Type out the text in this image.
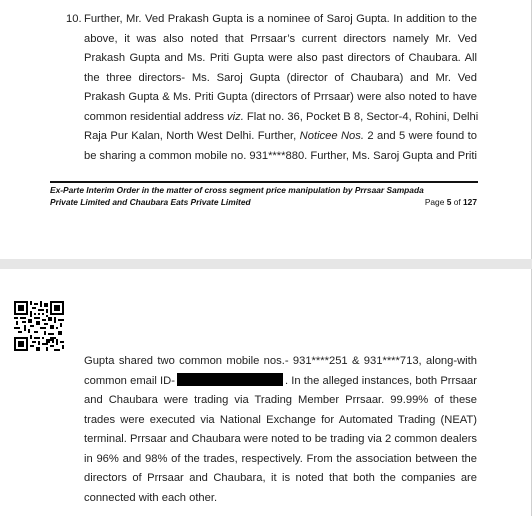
10. Further, Mr. Ved Prakash Gupta is a nominee of Saroj Gupta. In addition to the
above, it was also noted that Prrsaar’s current directors namely Mr. Ved
Prakash Gupta and Ms. Priti Gupta were also past directors of Chaubara. All
the three directors- Ms. Saroj Gupta (director of Chaubara) and Mr. Ved
Prakash Gupta & Ms. Priti Gupta (directors of Prrsaar) were also noted to have
common residential address viz. Flat no. 36, Pocket B 8, Sector-4, Rohini, Delhi
Raja Pur Kalan, North West Delhi. Further, Noticee Nos. 2 and 5 were found to
be sharing a common mobile no. 931****880. Further, Ms. Saroj Gupta and Priti
Ex-Parte Interim Order in the matter of cross segment price manipulation by Prrsaar Sampada
Private Limited and Chaubara Eats Private Limited	Page 5 of 127
Gupta shared two common mobile nos.- 931****251 & 931****713, along-with
common email ID-	. In the alleged instances, both Prrsaar
and Chaubara were trading via Trading Member Prrsaar. 99.99% of these
trades were executed via National Exchange for Automated Trading (NEAT)
terminal. Prrsaar and Chaubara were noted to be trading via 2 common dealers
in 96% and 98% of the trades, respectively. From the association between the
directors of Prrsaar and Chaubara, it is noted that both the companies are
connected with each other.
